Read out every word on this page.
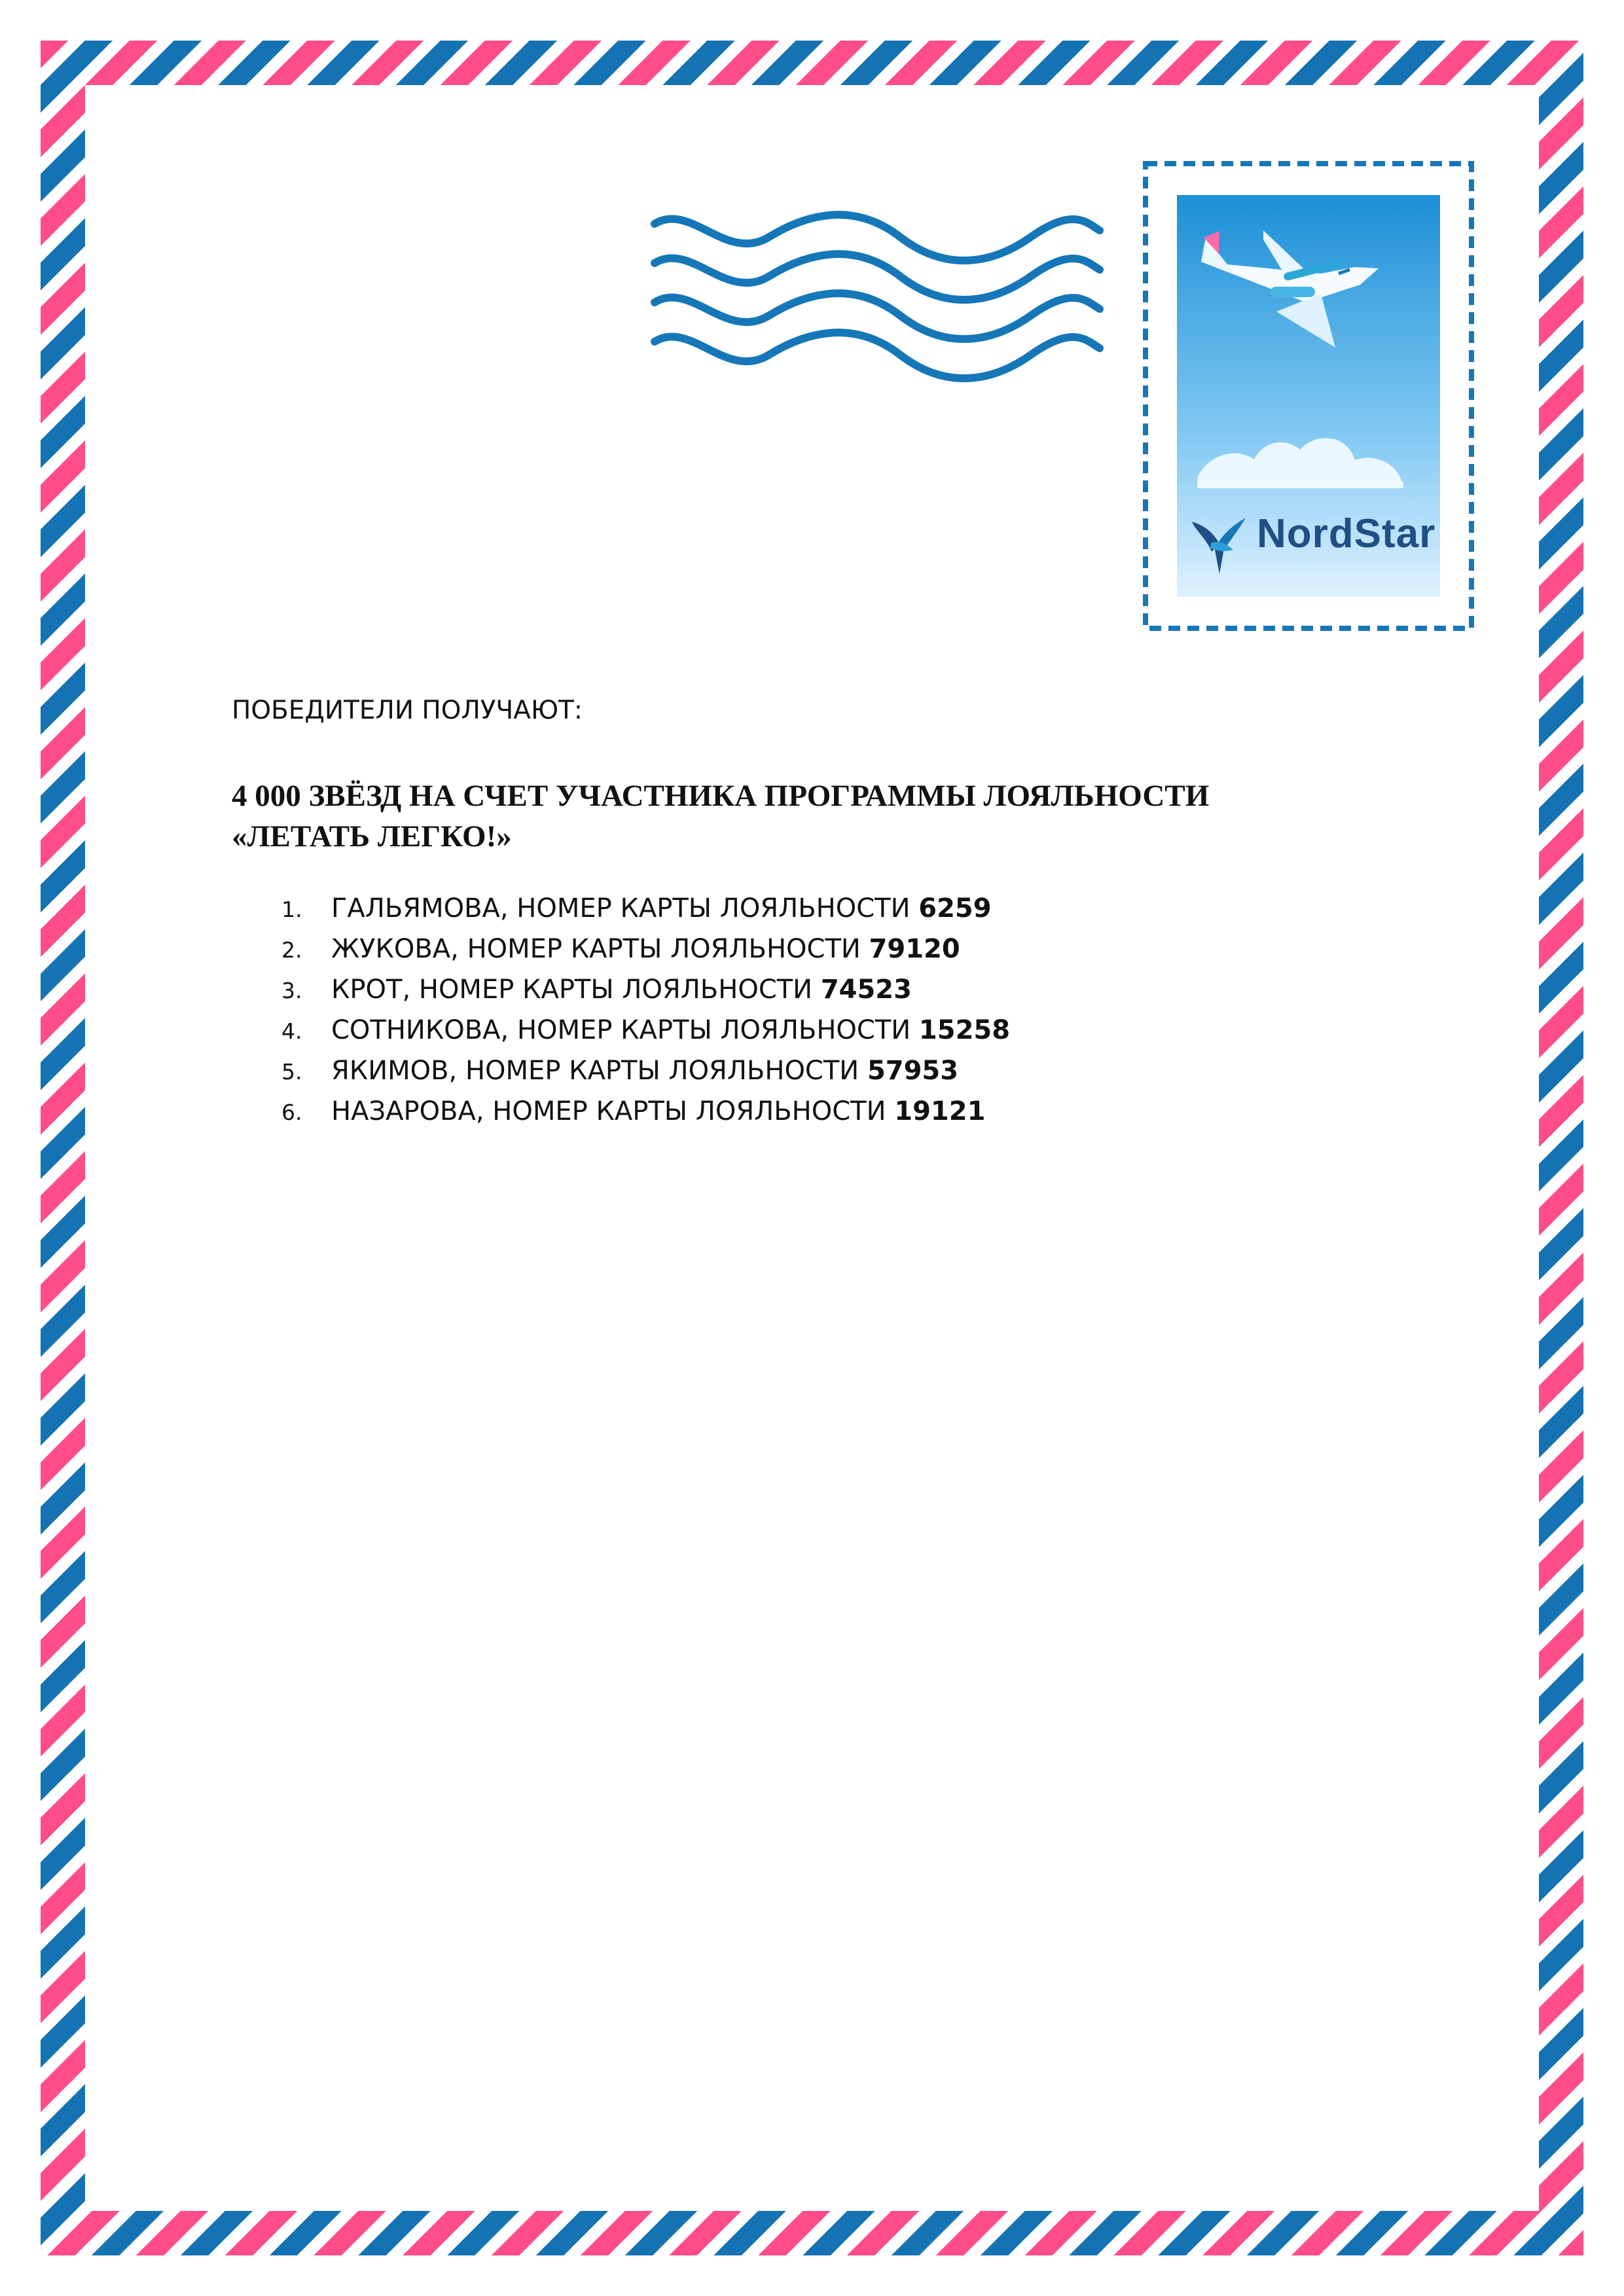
NordStar
ПОБЕДИТЕЛИ ПОЛУЧАЮТ:
4 000 ЗВЁЗД НА СЧЕТ УЧАСТНИКА ПРОГРАММЫ ЛОЯЛЬНОСТИ
«ЛЕТАТЬ ЛЕГКО!»
1. ГАЛЬЯМОВА, НОМЕР КАРТЫ ЛОЯЛЬНОСТИ 6259
2. ЖУКОВА, НОМЕР КАРТЫ ЛОЯЛЬНОСТИ 79120
3. КРОТ, НОМЕР КАРТЫ ЛОЯЛЬНОСТИ 74523
4. СОТНИКОВА, НОМЕР КАРТЫ ЛОЯЛЬНОСТИ 15258
5. ЯКИМОВ, НОМЕР КАРТЫ ЛОЯЛЬНОСТИ 57953
6. НАЗАРОВА, НОМЕР КАРТЫ ЛОЯЛЬНОСТИ 19121
